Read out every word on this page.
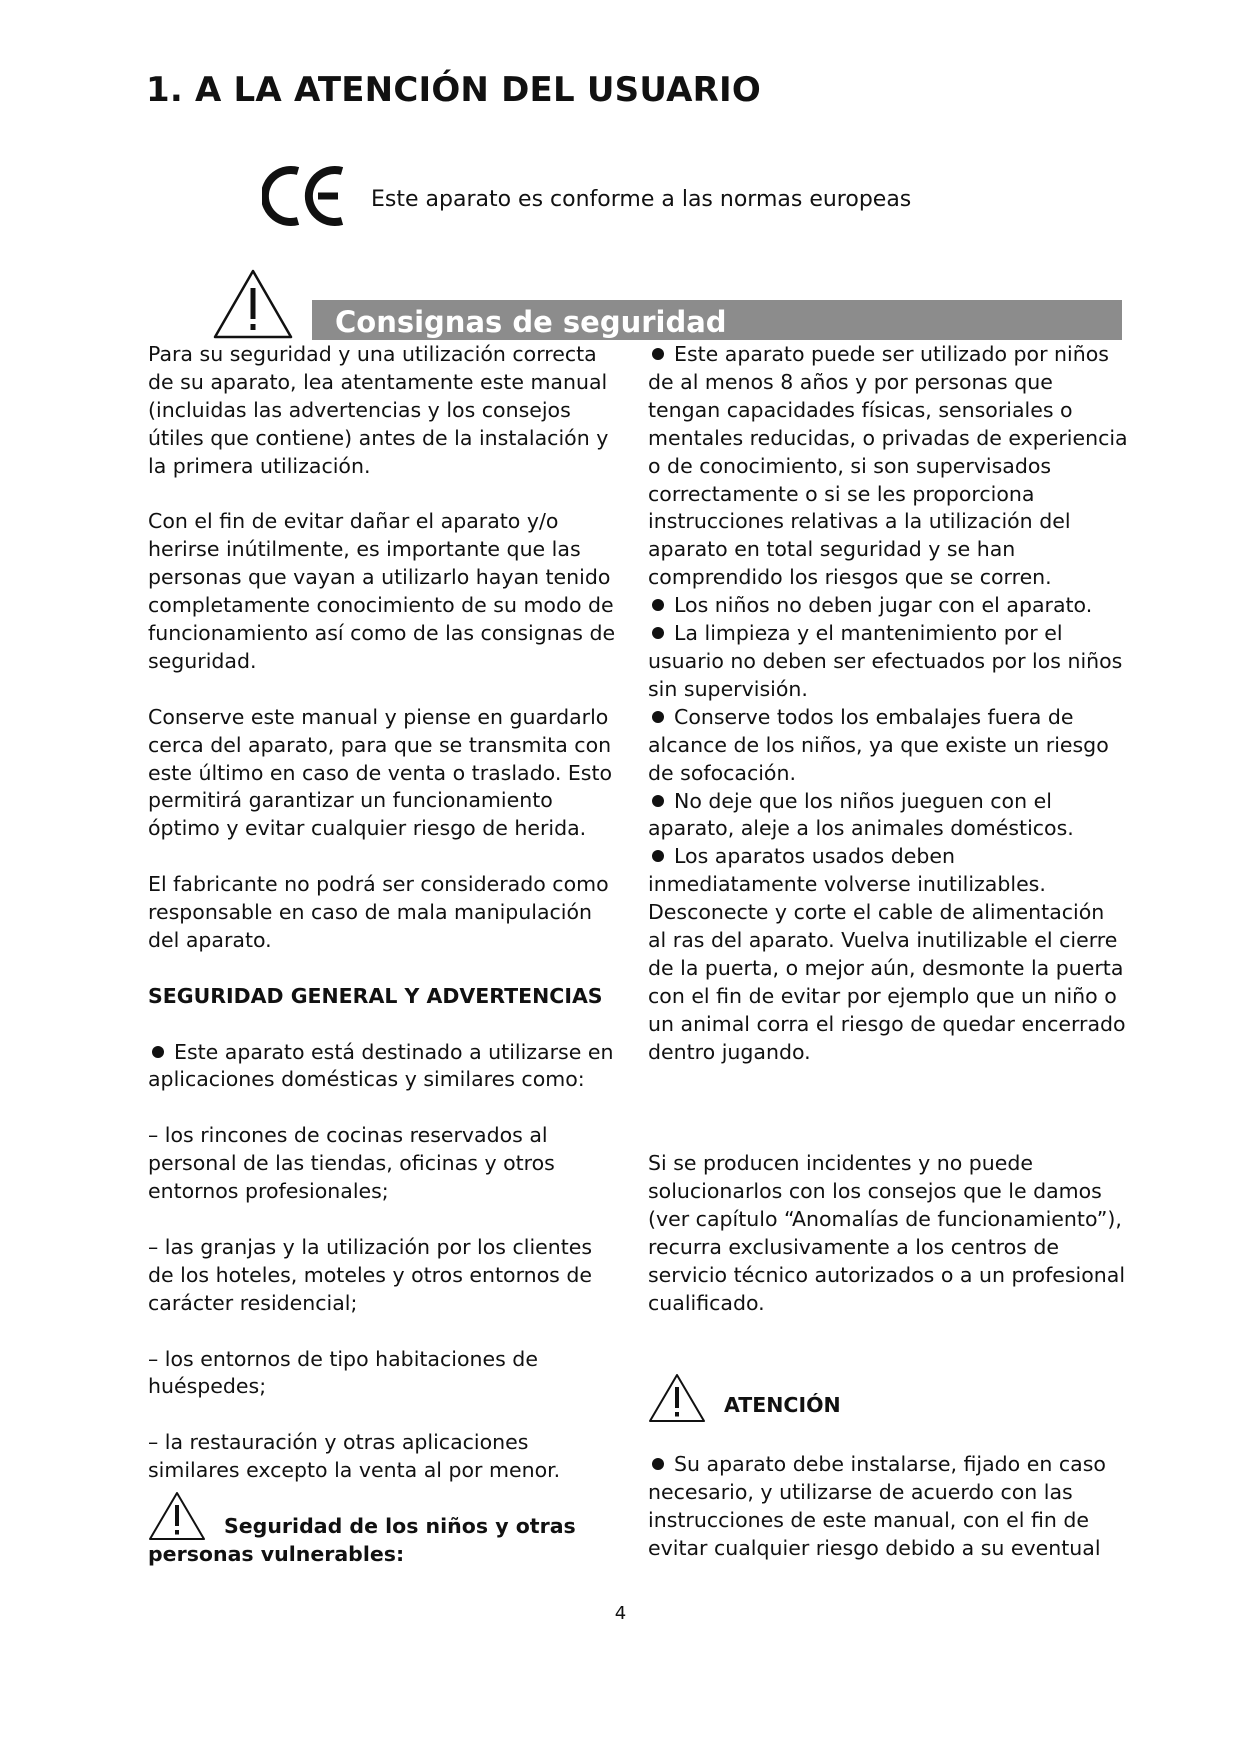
1. A LA ATENCIÓN DEL USUARIO
Este aparato es conforme a las normas europeas
Consignas de seguridad

Para su seguridad y una utilización correcta de su aparato, lea atentamente este manual (incluidas las advertencias y los consejos útiles que contiene) antes de la instalación y la primera utilización.

Con el fin de evitar dañar el aparato y/o herirse inútilmente, es importante que las personas que vayan a utilizarlo hayan tenido completamente conocimiento de su modo de funcionamiento así como de las consignas de seguridad.

Conserve este manual y piense en guardarlo cerca del aparato, para que se transmita con este último en caso de venta o traslado. Esto permitirá garantizar un funcionamiento óptimo y evitar cualquier riesgo de herida.

El fabricante no podrá ser considerado como responsable en caso de mala manipulación del aparato.

SEGURIDAD GENERAL Y ADVERTENCIAS

Este aparato está destinado a utilizarse en aplicaciones domésticas y similares como:

– los rincones de cocinas reservados al personal de las tiendas, oficinas y otros entornos profesionales;

– las granjas y la utilización por los clientes de los hoteles, moteles y otros entornos de carácter residencial;

– los entornos de tipo habitaciones de huéspedes;

– la restauración y otras aplicaciones similares excepto la venta al por menor.

Seguridad de los niños y otras personas vulnerables:

Este aparato puede ser utilizado por niños de al menos 8 años y por personas que tengan capacidades físicas, sensoriales o mentales reducidas, o privadas de experiencia o de conocimiento, si son supervisados correctamente o si se les proporciona instrucciones relativas a la utilización del aparato en total seguridad y se han comprendido los riesgos que se corren.

Los niños no deben jugar con el aparato.

La limpieza y el mantenimiento por el usuario no deben ser efectuados por los niños sin supervisión.

Conserve todos los embalajes fuera de alcance de los niños, ya que existe un riesgo de sofocación.

No deje que los niños jueguen con el aparato, aleje a los animales domésticos.

Los aparatos usados deben inmediatamente volverse inutilizables. Desconecte y corte el cable de alimentación al ras del aparato. Vuelva inutilizable el cierre de la puerta, o mejor aún, desmonte la puerta con el fin de evitar por ejemplo que un niño o un animal corra el riesgo de quedar encerrado dentro jugando.

Si se producen incidentes y no puede solucionarlos con los consejos que le damos (ver capítulo “Anomalías de funcionamiento”), recurra exclusivamente a los centros de servicio técnico autorizados o a un profesional cualificado.

ATENCIÓN

Su aparato debe instalarse, fijado en caso necesario, y utilizarse de acuerdo con las instrucciones de este manual, con el fin de evitar cualquier riesgo debido a su eventual

4
